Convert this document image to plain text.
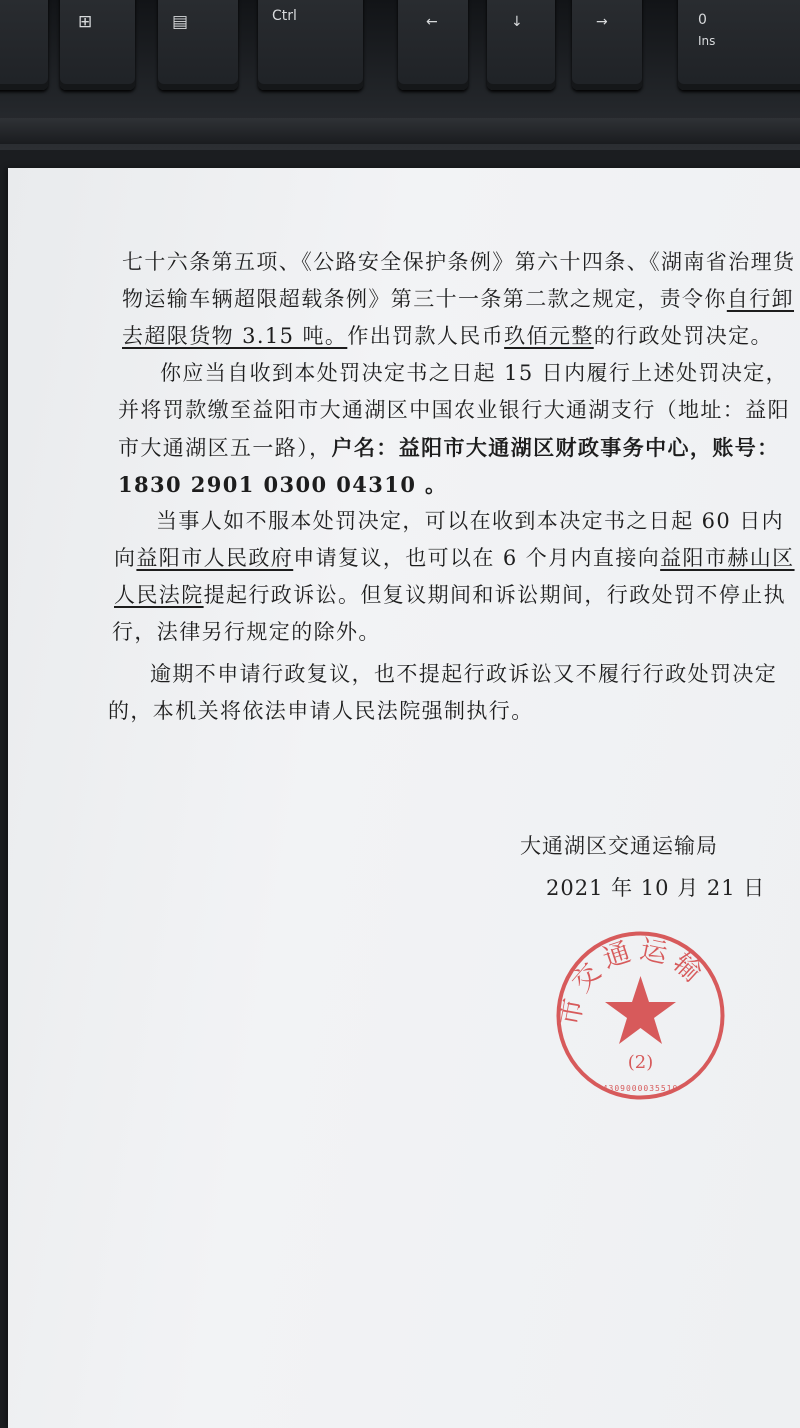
⊞	▤	Ctrl	←	↓	→	0
Ins
七十六条第五项、《公路安全保护条例》第六十四条、《湖南省治理货
物运输车辆超限超载条例》第三十一条第二款之规定，责令你自行卸
去超限货物 3.15 吨。作出罚款人民币玖佰元整的行政处罚决定。
你应当自收到本处罚决定书之日起 15 日内履行上述处罚决定，
并将罚款缴至益阳市大通湖区中国农业银行大通湖支行（地址：益阳
市大通湖区五一路），户名：益阳市大通湖区财政事务中心，账号：
1830 2901 0300 04310 。
当事人如不服本处罚决定，可以在收到本决定书之日起 60 日内
向益阳市人民政府申请复议，也可以在 6 个月内直接向益阳市赫山区
人民法院提起行政诉讼。但复议期间和诉讼期间，行政处罚不停止执
行，法律另行规定的除外。
逾期不申请行政复议，也不提起行政诉讼又不履行行政处罚决定
的，本机关将依法申请人民法院强制执行。
市交通运输
(2)
4309000035510
大通湖区交通运输局
2021 年 10 月 21 日
